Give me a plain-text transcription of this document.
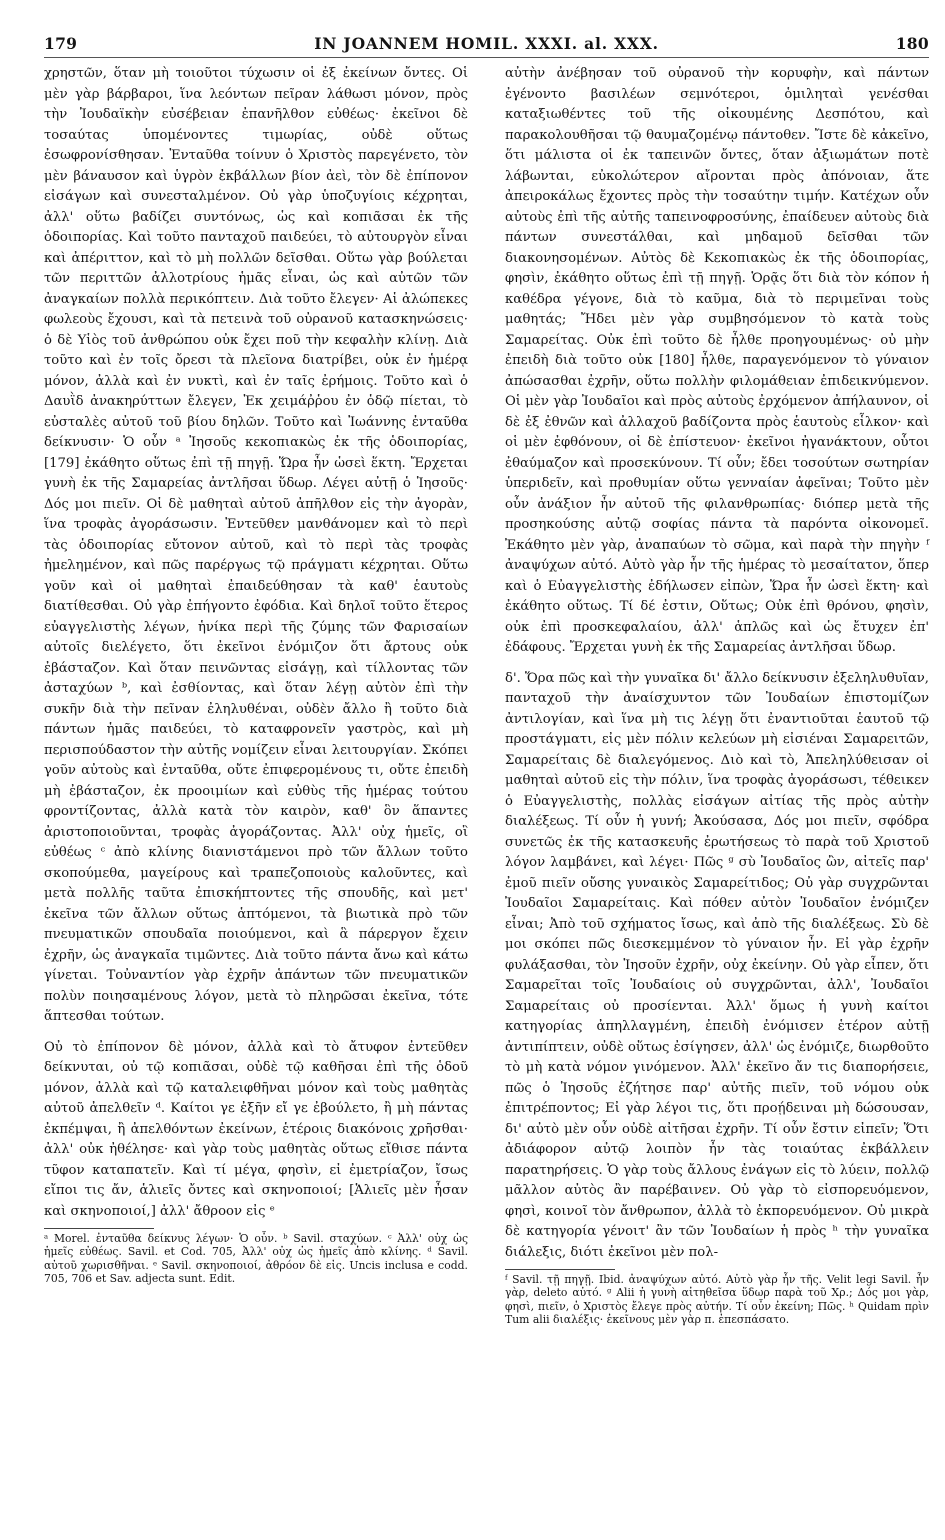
179	IN JOANNEM HOMIL. XXXI. al. XXX.	180

χρηστῶν, ὅταν μὴ τοιοῦτοι τύχωσιν οἱ ἐξ ἐκείνων ὄντες. Οἱ μὲν γὰρ βάρβαροι, ἵνα λεόντων πεῖραν λάθωσι μόνον, πρὸς τὴν Ἰουδαϊκὴν εὐσέβειαν ἐπανῆλθον εὐθέως· ἐκεῖνοι δὲ τοσαύτας ὑπομένοντες τιμωρίας, οὐδὲ οὕτως ἐσωφρονίσθησαν. Ἐνταῦθα τοίνυν ὁ Χριστὸς παρεγένετο, τὸν μὲν βάναυσον καὶ ὑγρὸν ἐκβάλλων βίον ἀεὶ, τὸν δὲ ἐπίπονον εἰσάγων καὶ συνεσταλμένον. Οὐ γὰρ ὑποζυγίοις κέχρηται, ἀλλ' οὕτω βαδίζει συντόνως, ὡς καὶ κοπιᾶσαι ἐκ τῆς ὁδοιπορίας. Καὶ τοῦτο πανταχοῦ παιδεύει, τὸ αὐτουργὸν εἶναι καὶ ἀπέριττον, καὶ τὸ μὴ πολλῶν δεῖσθαι. Οὕτω γὰρ βούλεται τῶν περιττῶν ἀλλοτρίους ἡμᾶς εἶναι, ὡς καὶ αὐτῶν τῶν ἀναγκαίων πολλὰ περικόπτειν. Διὰ τοῦτο ἔλεγεν· Αἱ ἀλώπεκες φωλεοὺς ἔχουσι, καὶ τὰ πετεινὰ τοῦ οὐρανοῦ κατασκηνώσεις· ὁ δὲ Υἱὸς τοῦ ἀνθρώπου οὐκ ἔχει ποῦ τὴν κεφαλὴν κλίνῃ. Διὰ τοῦτο καὶ ἐν τοῖς ὄρεσι τὰ πλεῖονα διατρίβει, οὐκ ἐν ἡμέρᾳ μόνον, ἀλλὰ καὶ ἐν νυκτὶ, καὶ ἐν ταῖς ἐρήμοις. Τοῦτο καὶ ὁ Δαυῒδ ἀνακηρύττων ἔλεγεν, Ἐκ χειμάῤῥου ἐν ὁδῷ πίεται, τὸ εὐσταλὲς αὐτοῦ τοῦ βίου δηλῶν. Τοῦτο καὶ Ἰωάννης ἐνταῦθα δείκνυσιν· Ὁ οὖν ᵃ Ἰησοῦς κεκοπιακὼς ἐκ τῆς ὁδοιπορίας, [179] ἐκάθητο οὕτως ἐπὶ τῇ πηγῇ. Ὥρα ἦν ὡσεὶ ἕκτη. Ἔρχεται γυνὴ ἐκ τῆς Σαμαρείας ἀντλῆσαι ὕδωρ. Λέγει αὐτῇ ὁ Ἰησοῦς· Δός μοι πιεῖν. Οἱ δὲ μαθηταὶ αὐτοῦ ἀπῆλθον εἰς τὴν ἀγορὰν, ἵνα τροφὰς ἀγοράσωσιν. Ἐντεῦθεν μανθάνομεν καὶ τὸ περὶ τὰς ὁδοιπορίας εὔτονον αὐτοῦ, καὶ τὸ περὶ τὰς τροφὰς ἠμελημένον, καὶ πῶς παρέργως τῷ πράγματι κέχρηται. Οὕτω γοῦν καὶ οἱ μαθηταὶ ἐπαιδεύθησαν τὰ καθ' ἑαυτοὺς διατίθεσθαι. Οὐ γὰρ ἐπήγοντο ἐφόδια. Καὶ δηλοῖ τοῦτο ἕτερος εὐαγγελιστὴς λέγων, ἡνίκα περὶ τῆς ζύμης τῶν Φαρισαίων αὐτοῖς διελέγετο, ὅτι ἐκεῖνοι ἐνόμιζον ὅτι ἄρτους οὐκ ἐβάσταζον. Καὶ ὅταν πεινῶντας εἰσάγῃ, καὶ τίλλοντας τῶν ἀσταχύων ᵇ, καὶ ἐσθίοντας, καὶ ὅταν λέγῃ αὐτὸν ἐπὶ τὴν συκῆν διὰ τὴν πεῖναν ἐληλυθέναι, οὐδὲν ἄλλο ἢ τοῦτο διὰ πάντων ἡμᾶς παιδεύει, τὸ καταφρονεῖν γαστρὸς, καὶ μὴ περισπούδαστον τὴν αὐτῆς νομίζειν εἶναι λειτουργίαν. Σκόπει γοῦν αὐτοὺς καὶ ἐνταῦθα, οὔτε ἐπιφερομένους τι, οὔτε ἐπειδὴ μὴ ἐβάσταζον, ἐκ προοιμίων καὶ εὐθὺς τῆς ἡμέρας τούτου φροντίζοντας, ἀλλὰ κατὰ τὸν καιρὸν, καθ' ὃν ἅπαντες ἀριστοποιοῦνται, τροφὰς ἀγοράζοντας. Ἀλλ' οὐχ ἡμεῖς, οἳ εὐθέως ᶜ ἀπὸ κλίνης διανιστάμενοι πρὸ τῶν ἄλλων τοῦτο σκοπούμεθα, μαγείρους καὶ τραπεζοποιοὺς καλοῦντες, καὶ μετὰ πολλῆς ταῦτα ἐπισκήπτοντες τῆς σπουδῆς, καὶ μετ' ἐκεῖνα τῶν ἄλλων οὕτως ἁπτόμενοι, τὰ βιωτικὰ πρὸ τῶν πνευματικῶν σπουδαῖα ποιούμενοι, καὶ ἃ πάρεργον ἔχειν ἐχρῆν, ὡς ἀναγκαῖα τιμῶντες. Διὰ τοῦτο πάντα ἄνω καὶ κάτω γίνεται. Τοὐναντίον γὰρ ἐχρῆν ἁπάντων τῶν πνευματικῶν πολὺν ποιησαμένους λόγον, μετὰ τὸ πληρῶσαι ἐκεῖνα, τότε ἅπτεσθαι τούτων.

Οὐ τὸ ἐπίπονον δὲ μόνον, ἀλλὰ καὶ τὸ ἄτυφον ἐντεῦθεν δείκνυται, οὐ τῷ κοπιᾶσαι, οὐδὲ τῷ καθῆσαι ἐπὶ τῆς ὁδοῦ μόνον, ἀλλὰ καὶ τῷ καταλειφθῆναι μόνον καὶ τοὺς μαθητὰς αὐτοῦ ἀπελθεῖν ᵈ. Καίτοι γε ἐξῆν εἴ γε ἐβούλετο, ἢ μὴ πάντας ἐκπέμψαι, ἢ ἀπελθόντων ἐκείνων, ἑτέροις διακόνοις χρῆσθαι· ἀλλ' οὐκ ἠθέλησε· καὶ γὰρ τοὺς μαθητὰς οὕτως εἴθισε πάντα τῦφον καταπατεῖν. Καὶ τί μέγα, φησὶν, εἰ ἐμετρίαζον, ἴσως εἴποι τις ἄν, ἁλιεῖς ὄντες καὶ σκηνοποιοί; [Ἁλιεῖς μὲν ἦσαν καὶ σκηνοποιοί,] ἀλλ' ἄθροον εἰς ᵉ

ᵃ Morel. ἐνταῦθα δείκνυς λέγων· Ὁ οὖν. ᵇ Savil. σταχύων. ᶜ Ἀλλ' οὐχ ὡς ἡμεῖς εὐθέως. Savil. et Cod. 705, Ἀλλ' οὐχ ὡς ἡμεῖς ἀπὸ κλίνης. ᵈ Savil. αὐτοῦ χωρισθῆναι. ᵉ Savil. σκηνοποιοί, ἀθρόον δὲ εἰς. Uncis inclusa e codd. 705, 706 et Sav. adjecta sunt. Edit.

αὐτὴν ἀνέβησαν τοῦ οὐρανοῦ τὴν κορυφὴν, καὶ πάντων ἐγένοντο βασιλέων σεμνότεροι, ὁμιληταὶ γενέσθαι καταξιωθέντες τοῦ τῆς οἰκουμένης Δεσπότου, καὶ παρακολουθῆσαι τῷ θαυμαζομένῳ πάντοθεν. Ἴστε δὲ κἀκεῖνο, ὅτι μάλιστα οἱ ἐκ ταπεινῶν ὄντες, ὅταν ἀξιωμάτων ποτὲ λάβωνται, εὐκολώτερον αἴρονται πρὸς ἀπόνοιαν, ἅτε ἀπειροκάλως ἔχοντες πρὸς τὴν τοσαύτην τιμήν. Κατέχων οὖν αὐτοὺς ἐπὶ τῆς αὐτῆς ταπεινοφροσύνης, ἐπαίδευεν αὐτοὺς διὰ πάντων συνεστάλθαι, καὶ μηδαμοῦ δεῖσθαι τῶν διακονησομένων. Αὐτὸς δὲ Κεκοπιακὼς ἐκ τῆς ὁδοιπορίας, φησὶν, ἐκάθητο οὕτως ἐπὶ τῇ πηγῇ. Ὁρᾷς ὅτι διὰ τὸν κόπον ἡ καθέδρα γέγονε, διὰ τὸ καῦμα, διὰ τὸ περιμεῖναι τοὺς μαθητάς; Ἤδει μὲν γὰρ συμβησόμενον τὸ κατὰ τοὺς Σαμαρείτας. Οὐκ ἐπὶ τοῦτο δὲ ἦλθε προηγουμένως· οὐ μὴν ἐπειδὴ διὰ τοῦτο οὐκ [180] ἦλθε, παραγενόμενον τὸ γύναιον ἀπώσασθαι ἐχρῆν, οὕτω πολλὴν φιλομάθειαν ἐπιδεικνύμενον. Οἱ μὲν γὰρ Ἰουδαῖοι καὶ πρὸς αὐτοὺς ἐρχόμενον ἀπήλαυνον, οἱ δὲ ἐξ ἐθνῶν καὶ ἀλλαχοῦ βαδίζοντα πρὸς ἑαυτοὺς εἷλκον· καὶ οἱ μὲν ἐφθόνουν, οἱ δὲ ἐπίστευον· ἐκεῖνοι ἠγανάκτουν, οὗτοι ἐθαύμαζον καὶ προσεκύνουν. Τί οὖν; ἔδει τοσούτων σωτηρίαν ὑπεριδεῖν, καὶ προθυμίαν οὕτω γενναίαν ἀφεῖναι; Τοῦτο μὲν οὖν ἀνάξιον ἦν αὐτοῦ τῆς φιλανθρωπίας· διόπερ μετὰ τῆς προσηκούσης αὐτῷ σοφίας πάντα τὰ παρόντα οἰκονομεῖ. Ἐκάθητο μὲν γὰρ, ἀναπαύων τὸ σῶμα, καὶ παρὰ τὴν πηγὴν ᶠ ἀναψύχων αὐτό. Αὐτὸ γὰρ ἦν τῆς ἡμέρας τὸ μεσαίτατον, ὅπερ καὶ ὁ Εὐαγγελιστὴς ἐδήλωσεν εἰπὼν, Ὥρα ἦν ὡσεὶ ἕκτη· καὶ ἐκάθητο οὕτως. Τί δέ ἐστιν, Οὕτως; Οὐκ ἐπὶ θρόνου, φησὶν, οὐκ ἐπὶ προσκεφαλαίου, ἀλλ' ἁπλῶς καὶ ὡς ἔτυχεν ἐπ' ἐδάφους. Ἔρχεται γυνὴ ἐκ τῆς Σαμαρείας ἀντλῆσαι ὕδωρ.

δ'. Ὅρα πῶς καὶ τὴν γυναῖκα δι' ἄλλο δείκνυσιν ἐξεληλυθυῖαν, πανταχοῦ τὴν ἀναίσχυντον τῶν Ἰουδαίων ἐπιστομίζων ἀντιλογίαν, καὶ ἵνα μὴ τις λέγῃ ὅτι ἐναντιοῦται ἑαυτοῦ τῷ προστάγματι, εἰς μὲν πόλιν κελεύων μὴ εἰσιέναι Σαμαρειτῶν, Σαμαρείταις δὲ διαλεγόμενος. Διὸ καὶ τὸ, Ἀπεληλύθεισαν οἱ μαθηταὶ αὐτοῦ εἰς τὴν πόλιν, ἵνα τροφὰς ἀγοράσωσι, τέθεικεν ὁ Εὐαγγελιστὴς, πολλὰς εἰσάγων αἰτίας τῆς πρὸς αὐτὴν διαλέξεως. Τί οὖν ἡ γυνή; Ἀκούσασα, Δός μοι πιεῖν, σφόδρα συνετῶς ἐκ τῆς κατασκευῆς ἐρωτήσεως τὸ παρὰ τοῦ Χριστοῦ λόγον λαμβάνει, καὶ λέγει· Πῶς ᵍ σὺ Ἰουδαῖος ὢν, αἰτεῖς παρ' ἐμοῦ πιεῖν οὔσης γυναικὸς Σαμαρείτιδος; Οὐ γὰρ συγχρῶνται Ἰουδαῖοι Σαμαρείταις. Καὶ πόθεν αὐτὸν Ἰουδαῖον ἐνόμιζεν εἶναι; Ἀπὸ τοῦ σχήματος ἴσως, καὶ ἀπὸ τῆς διαλέξεως. Σὺ δὲ μοι σκόπει πῶς διεσκεμμένον τὸ γύναιον ἦν. Εἰ γὰρ ἐχρῆν φυλάξασθαι, τὸν Ἰησοῦν ἐχρῆν, οὐχ ἐκείνην. Οὐ γὰρ εἶπεν, ὅτι Σαμαρεῖται τοῖς Ἰουδαίοις οὐ συγχρῶνται, ἀλλ', Ἰουδαῖοι Σαμαρείταις οὐ προσίενται. Ἀλλ' ὅμως ἡ γυνὴ καίτοι κατηγορίας ἀπηλλαγμένη, ἐπειδὴ ἐνόμισεν ἑτέρον αὐτῇ ἀντιπίπτειν, οὐδὲ οὕτως ἐσίγησεν, ἀλλ' ὡς ἐνόμιζε, διωρθοῦτο τὸ μὴ κατὰ νόμον γινόμενον. Ἀλλ' ἐκεῖνο ἄν τις διαπορήσειε, πῶς ὁ Ἰησοῦς ἐζήτησε παρ' αὐτῆς πιεῖν, τοῦ νόμου οὐκ ἐπιτρέποντος; Εἰ γὰρ λέγοι τις, ὅτι προῄδειναι μὴ δώσουσαν, δι' αὐτὸ μὲν οὖν οὐδὲ αἰτῆσαι ἐχρῆν. Τί οὖν ἔστιν εἰπεῖν; Ὅτι ἀδιάφορον αὐτῷ λοιπὸν ἦν τὰς τοιαύτας ἐκβάλλειν παρατηρήσεις. Ὁ γὰρ τοὺς ἄλλους ἐνάγων εἰς τὸ λύειν, πολλῷ μᾶλλον αὐτὸς ἂν παρέβαινεν. Οὐ γὰρ τὸ εἰσπορευόμενον, φησὶ, κοινοῖ τὸν ἄνθρωπον, ἀλλὰ τὸ ἐκπορευόμενον. Οὐ μικρὰ δὲ κατηγορία γένοιτ' ἂν τῶν Ἰουδαίων ἡ πρὸς ʰ τὴν γυναῖκα διάλεξις, διότι ἐκεῖνοι μὲν πολ-

ᶠ Savil. τῇ πηγῇ. Ibid. ἀναψύχων αὐτό. Αὐτὸ γὰρ ἦν τῆς. Velit legi Savil. ἦν γὰρ, deleto αὐτό. ᵍ Alii ἡ γυνὴ αἰτηθεῖσα ὕδωρ παρὰ τοῦ Χρ.; Δός μοι γὰρ, φησὶ, πιεῖν, ὁ Χριστὸς ἔλεγε πρὸς αὐτήν. Τί οὖν ἐκείνη; Πῶς. ʰ Quidam πρὶν Tum alii διαλέξις· ἐκεῖνους μὲν γὰρ π. ἐπεσπάσατο.
